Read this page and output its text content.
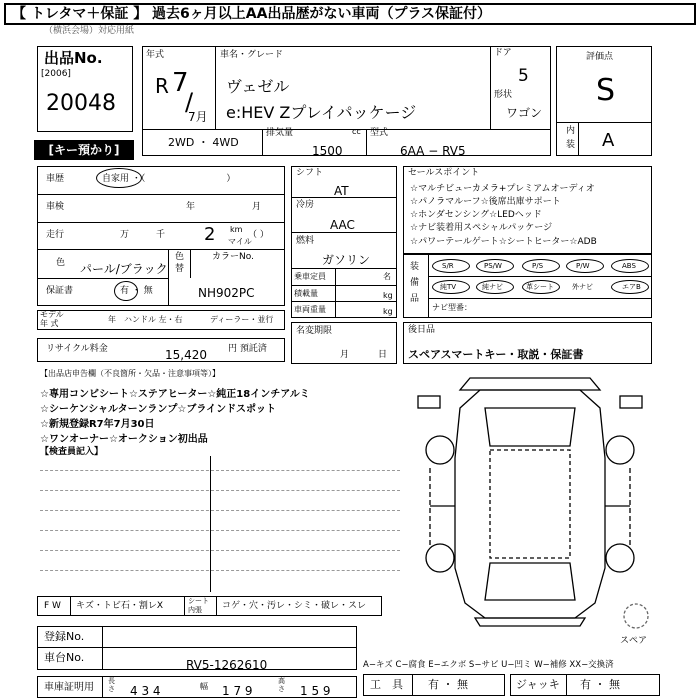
【 トレタマ＋保証 】 過去6ヶ月以上AA出品歴がない車両（プラス保証付）
（横浜会場）対応用紙
出品No.
[2006]
20048
[キー預かり]
年式
R 7
/
7月
車名・グレード
ヴェゼル
e:HEV Zプレイパッケージ
ドア
5
形状
ワゴン
2WD ・ 4WD
排気量	cc
1500
型式
6AA − RV5
評価点
S
内
装 A
車歴	自家用 ・（　　　　　　　　　）
車検	年	月
走行	万	千 2 km
マイル
（ ）
色 パール/ブラック
色
替
カラーNo.
NH902PC
保証書	有 ・ 無
モデル
年 式	年 ハンドル 左・右	ディーラー・並行
リサイクル料金	15,420 円 預託済
シフト
AT
冷房
AAC
燃料
ガソリン
乗車定員	名
積載量	kg
車両重量	kg
名変期限
月	日
セールスポイント
☆マルチビューカメラ+プレミアムオーディオ
☆パノラマルーフ☆後席出庫サポート
☆ホンダセンシング☆LEDヘッド
☆ナビ装着用スペシャルパッケージ
☆パワーテールゲート☆シートヒーター☆ADB
装
備
品
S/R	PS/W	P/S	P/W	ABS
純TV	純ナビ	革シート	外ナビ	エアB
ナビ型番：
後日品
スペアスマートキー・取説・保証書
【出品店申告欄（不良箇所・欠品・注意事項等）】
☆専用コンビシート☆ステアヒーター☆純正18インチアルミ
☆シーケンシャルターンランプ☆ブラインドスポット
☆新規登録R7年7月30日
☆ワンオーナー☆オークション初出品
【検査員記入】
スペア
F W キズ・トビ石・割レX	シート
内張 コゲ・穴・汚レ・シミ・破レ・スレ
登録No.
車台No.
RV5-1262610
車庫証明用
長さ 4 3 4	幅 1 7 9
高さ 1 5 9
A−キズ C−腐食 E−エクボ S−サビ U−凹ミ W−補修 XX−交換済
工　具 有 ・ 無	ジャッキ 有 ・ 無
